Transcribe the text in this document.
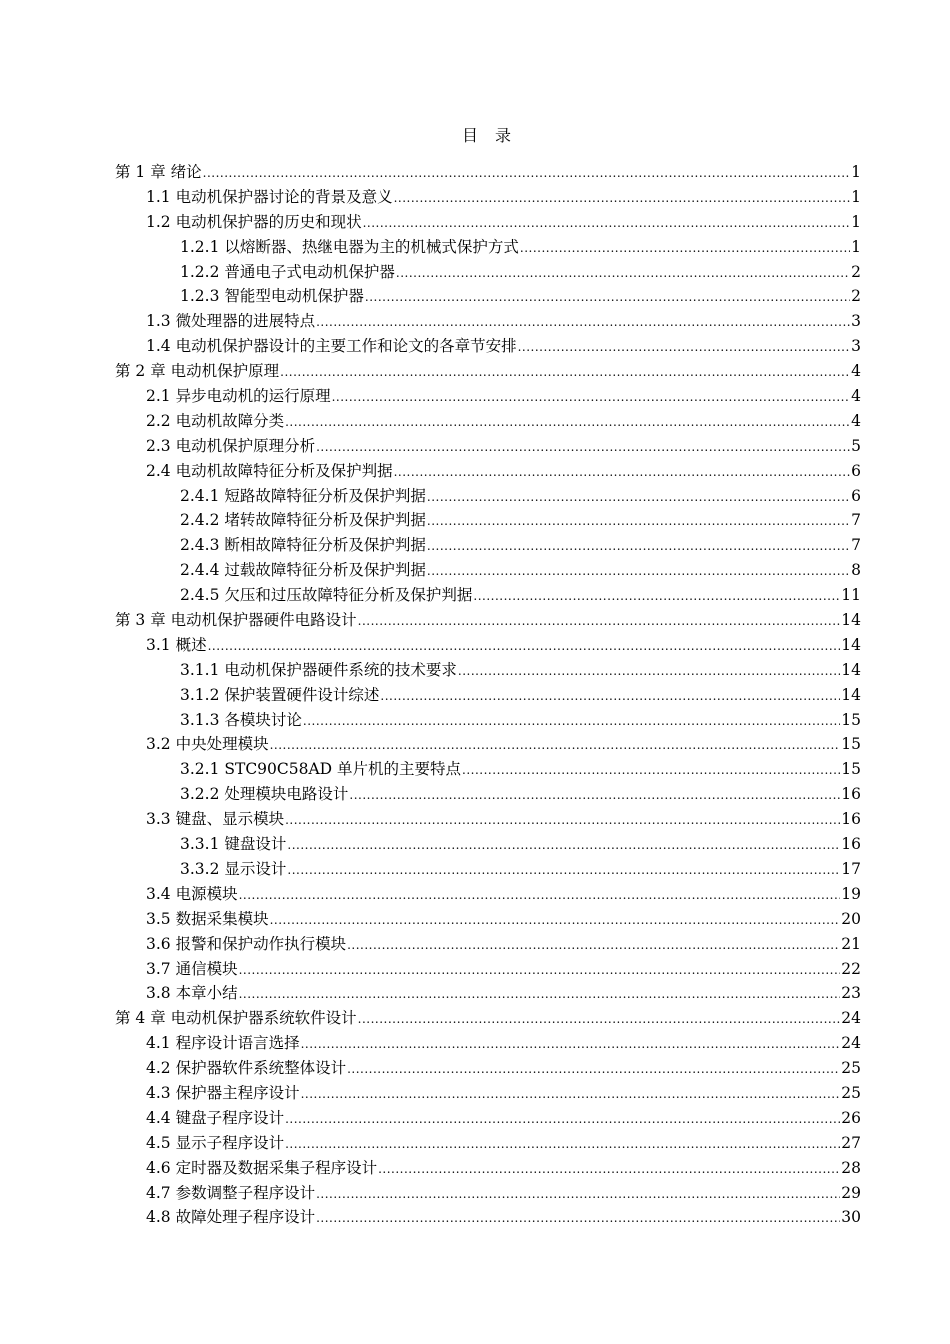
目 录
第 1 章 绪论 .....	1
1.1 电动机保护器讨论的背景及意义 .....	1
1.2 电动机保护器的历史和现状 .....	1
1.2.1 以熔断器、热继电器为主的机械式保护方式 .....	1
1.2.2 普通电子式电动机保护器 .....	2
1.2.3 智能型电动机保护器 .....	2
1.3 微处理器的进展特点 .....	3
1.4 电动机保护器设计的主要工作和论文的各章节安排 .....	3
第 2 章 电动机保护原理 .....	4
2.1 异步电动机的运行原理 .....	4
2.2 电动机故障分类 .....	4
2.3 电动机保护原理分析 .....	5
2.4 电动机故障特征分析及保护判据 .....	6
2.4.1 短路故障特征分析及保护判据 .....	6
2.4.2 堵转故障特征分析及保护判据 .....	7
2.4.3 断相故障特征分析及保护判据 .....	7
2.4.4 过载故障特征分析及保护判据 .....	8
2.4.5 欠压和过压故障特征分析及保护判据 .....	11
第 3 章 电动机保护器硬件电路设计 .....	14
3.1 概述 .....	14
3.1.1 电动机保护器硬件系统的技术要求 .....	14
3.1.2 保护装置硬件设计综述 .....	14
3.1.3 各模块讨论 .....	15
3.2 中央处理模块 .....	15
3.2.1 STC90C58AD 单片机的主要特点 .....	15
3.2.2 处理模块电路设计 .....	16
3.3 键盘、显示模块 .....	16
3.3.1 键盘设计 .....	16
3.3.2 显示设计 .....	17
3.4 电源模块 .....	19
3.5 数据采集模块 .....	20
3.6 报警和保护动作执行模块 .....	21
3.7 通信模块 .....	22
3.8 本章小结 .....	23
第 4 章 电动机保护器系统软件设计 .....	24
4.1 程序设计语言选择 .....	24
4.2 保护器软件系统整体设计 .....	25
4.3 保护器主程序设计 .....	25
4.4 键盘子程序设计 .....	26
4.5 显示子程序设计 .....	27
4.6 定时器及数据采集子程序设计 .....	28
4.7 参数调整子程序设计 .....	29
4.8 故障处理子程序设计 .....	30
